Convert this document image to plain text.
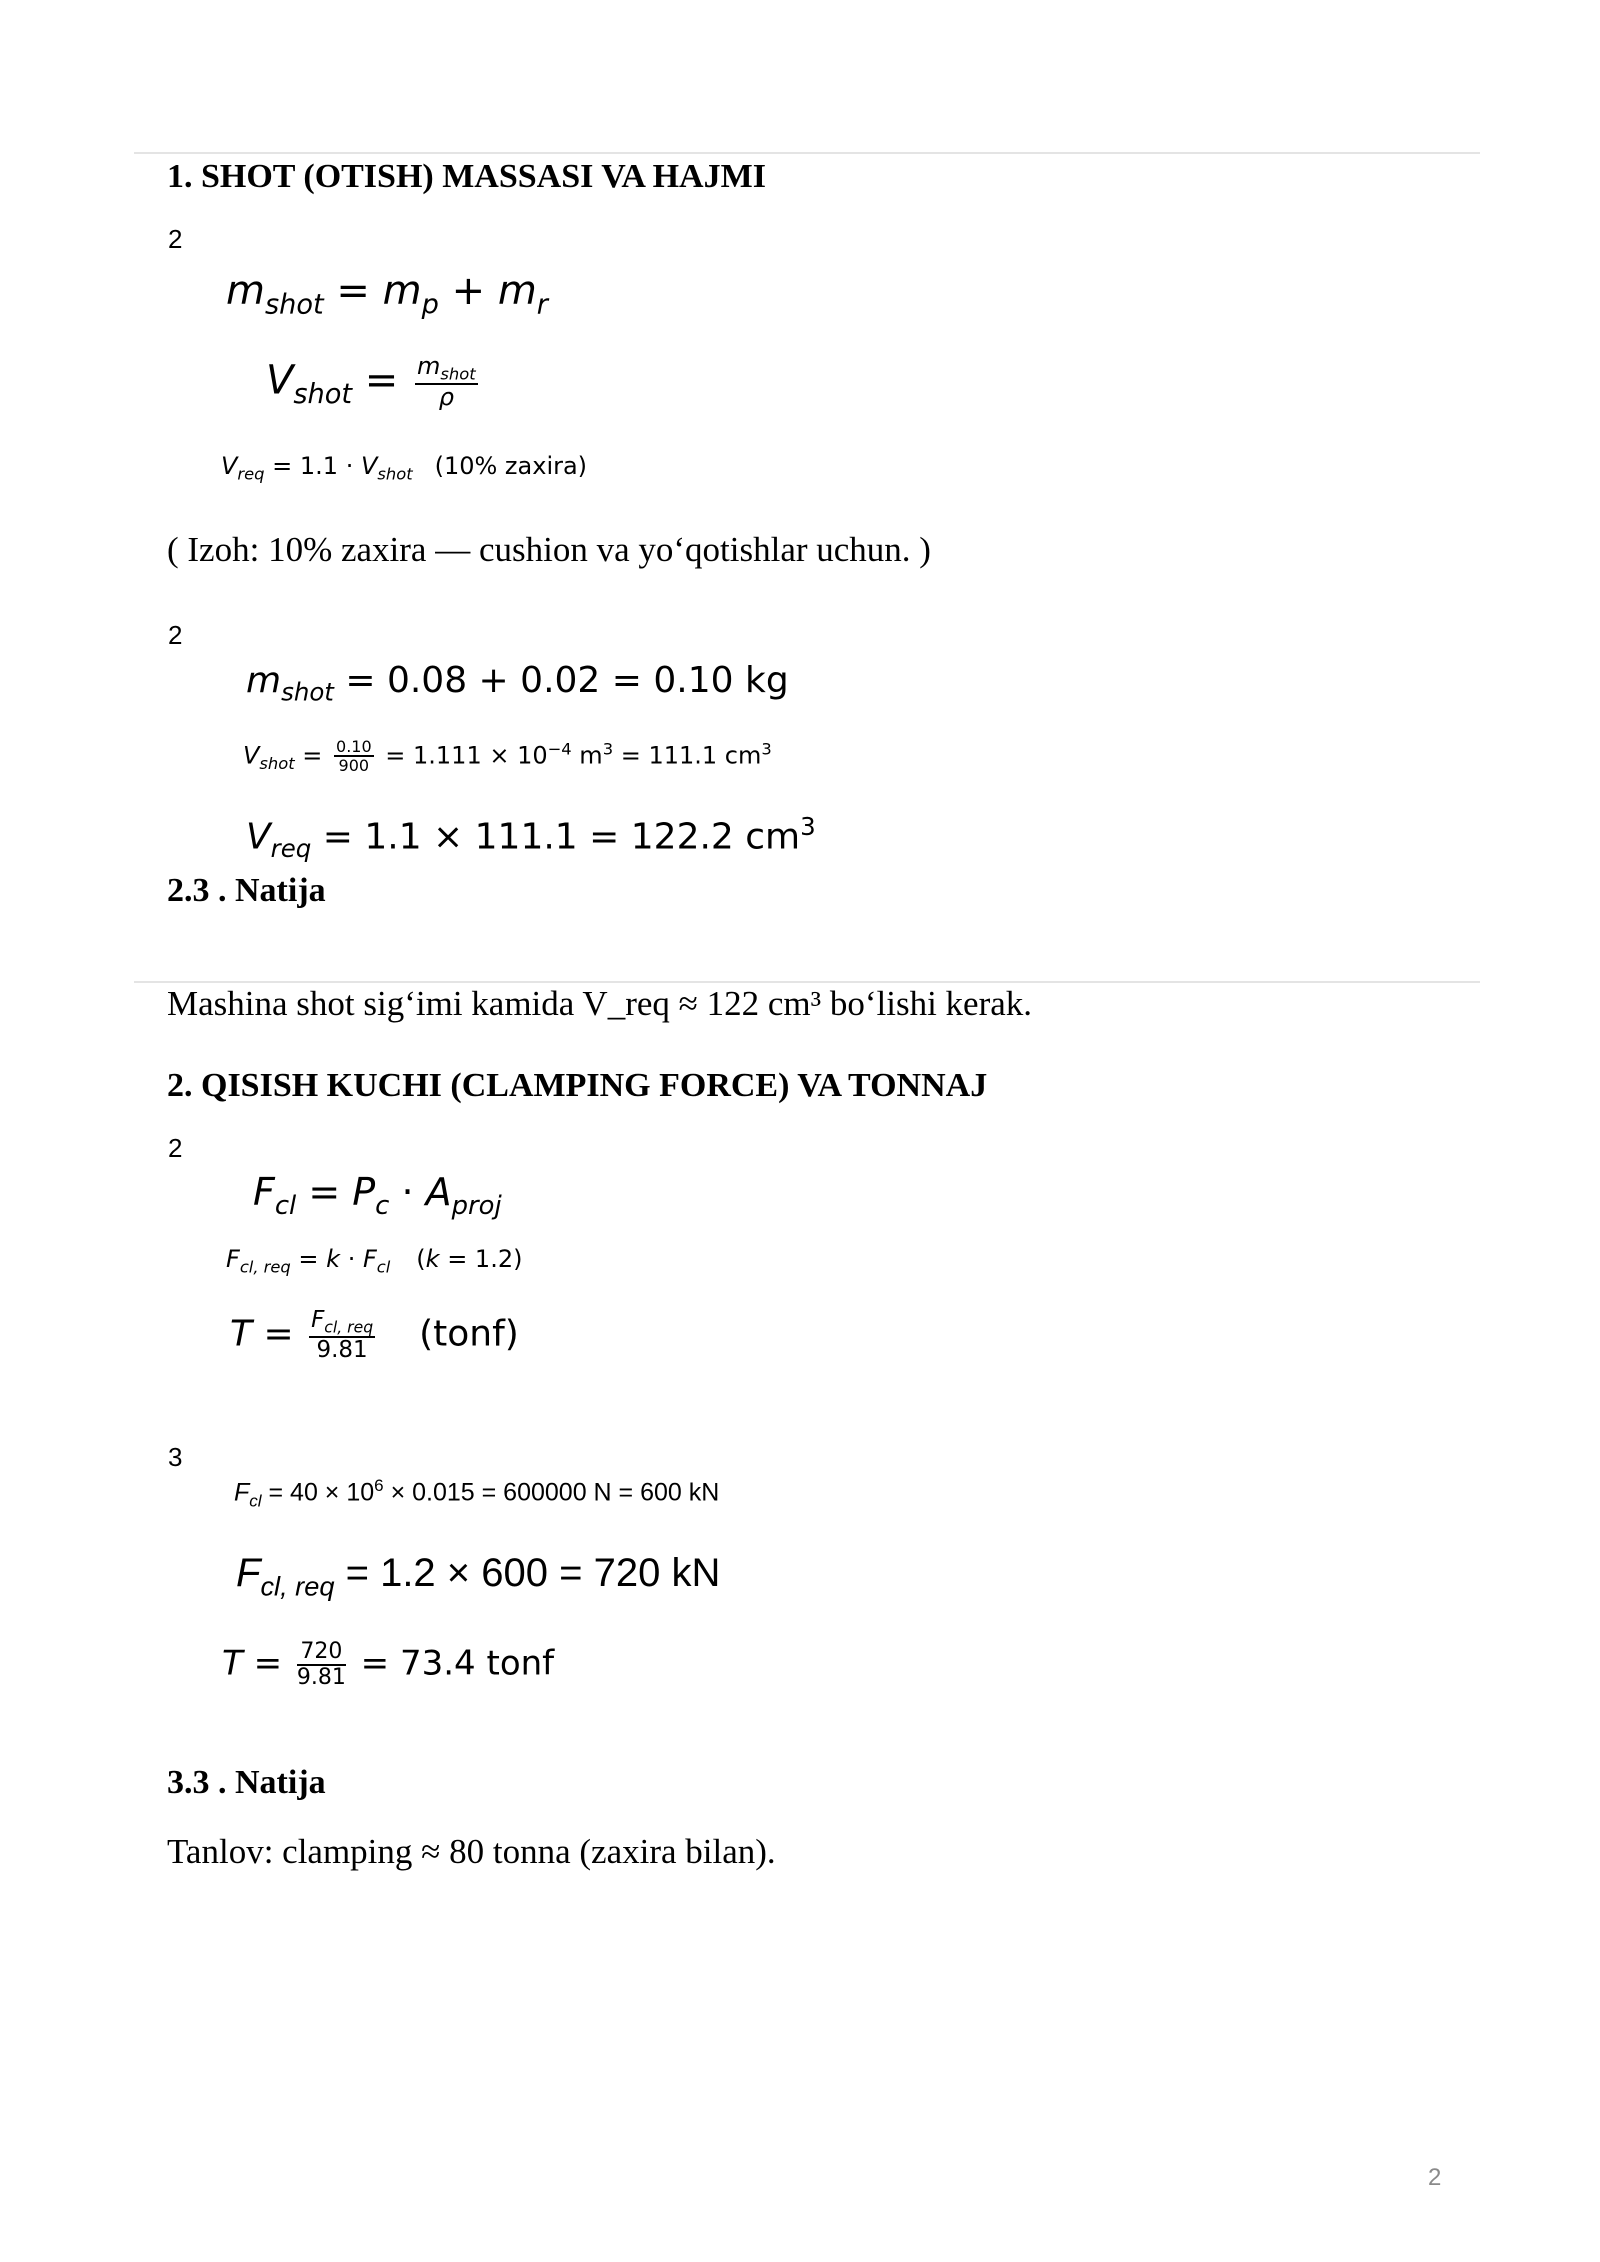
1. SHOT (OTISH) MASSASI VA HAJMI
2
$m_{shot} = m_p + m_r$
$V_{shot} = \frac{m_{shot}}{\rho}$
$V_{req} = 1.1 \cdot V_{shot}$ (10% zaxira)
( Izoh: 10% zaxira — cushion va yo‘qotishlar uchun. )
2
$m_{shot} = 0.08 + 0.02 = 0.10$ kg
$V_{shot} = \frac{0.10}{900} = 1.111 \times 10^{-4}$ $m^3 = 111.1$ $cm^3$
$V_{req} = 1.1 \times 111.1 = 122.2$ $cm^3$
2.3 . Natija
Mashina shot sig‘imi kamida V_req ≈ 122 cm³ bo‘lishi kerak.
2. QISISH KUCHI (CLAMPING FORCE) VA TONNAJ
2
$F_{cl} = P_c \cdot A_{proj}$
$F_{cl, req} = k \cdot F_{cl}$ (k = 1.2)
$T = \frac{F_{cl, req}}{9.81}$ (tonf)
3
$F_{cl} = 40 \times 10^6 \times 0.015 = 600000$ N = 600 kN
$F_{cl, req} = 1.2 \times 600 = 720$ kN
$T = \frac{720}{9.81} = 73.4$ tonf
3.3 . Natija
Tanlov: clamping ≈ 80 tonna (zaxira bilan).
2
